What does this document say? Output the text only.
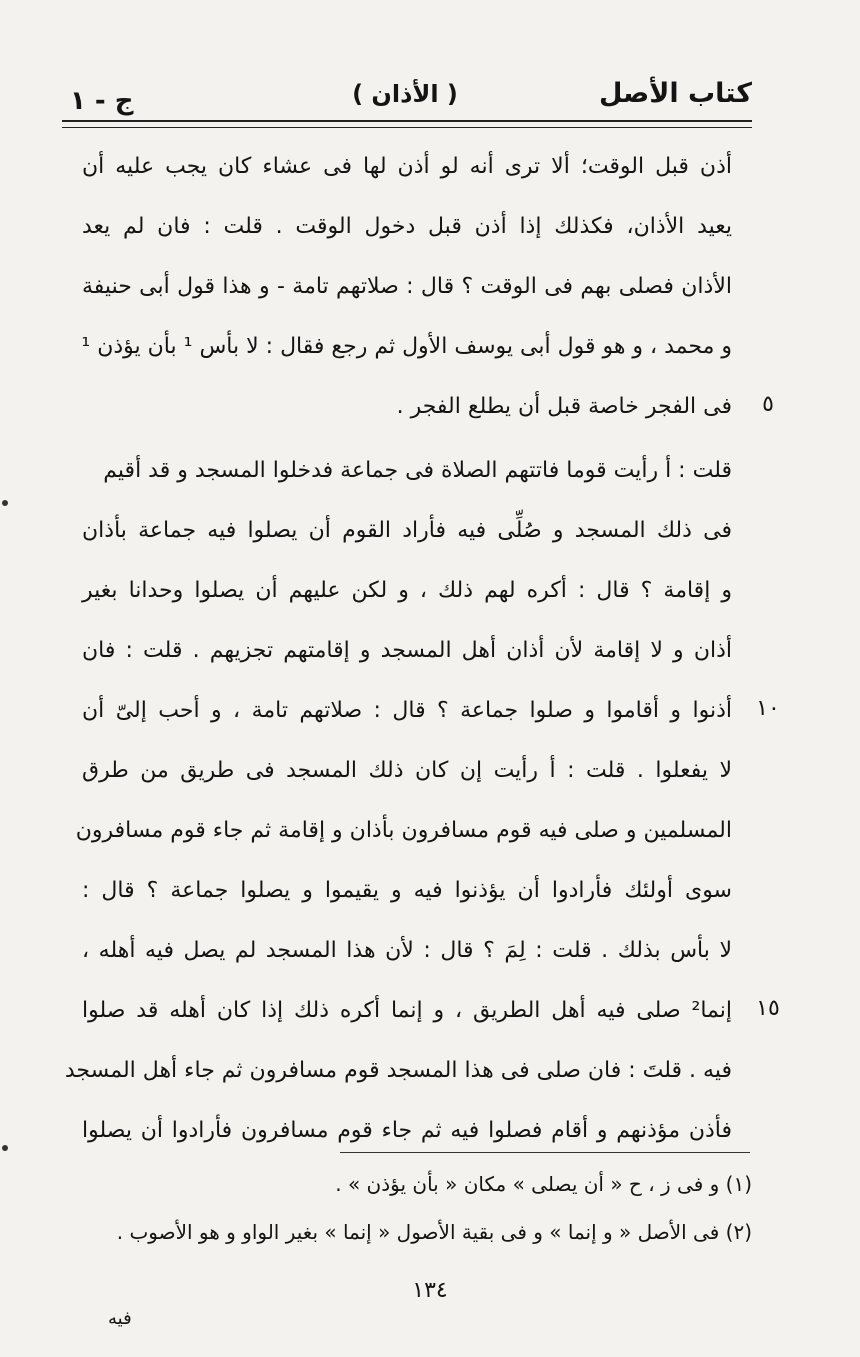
كتاب الأصل
( الأذان )
ج - ١
أذن قبل الوقت؛ ألا ترى أنه لو أذن لها فى عشاء كان يجب عليه أن
يعيد الأذان، فكذلك إذا أذن قبل دخول الوقت . قلت : فان لم يعد
الأذان فصلى بهم فى الوقت ؟ قال : صلاتهم تامة - و هذا قول أبى حنيفة
و محمد ، و هو قول أبى يوسف الأول ثم رجع فقال : لا بأس ¹ بأن يؤذن ¹
فى الفجر خاصة قبل أن يطلع الفجر .	٥
قلت : أ رأيت قوما فاتتهم الصلاة فى جماعة فدخلوا المسجد و قد أقيم
فى ذلك المسجد و صُلِّى فيه فأراد القوم أن يصلوا فيه جماعة بأذان
و إقامة ؟ قال : أكره لهم ذلك ، و لكن عليهم أن يصلوا وحدانا بغير
أذان و لا إقامة لأن أذان أهل المسجد و إقامتهم تجزيهم . قلت : فان
أذنوا و أقاموا و صلوا جماعة ؟ قال : صلاتهم تامة ، و أحب إلىّ أن	١٠
لا يفعلوا . قلت : أ رأيت إن كان ذلك المسجد فى طريق من طرق
المسلمين و صلى فيه قوم مسافرون بأذان و إقامة ثم جاء قوم مسافرون
سوى أولئك فأرادوا أن يؤذنوا فيه و يقيموا و يصلوا جماعة ؟ قال :
لا بأس بذلك . قلت : لِمَ ؟ قال : لأن هذا المسجد لم يصل فيه أهله ،
إنما² صلى فيه أهل الطريق ، و إنما أكره ذلك إذا كان أهله قد صلوا	١٥
فيه . قلتَ : فان صلى فى هذا المسجد قوم مسافرون ثم جاء أهل المسجد
فأذن مؤذنهم و أقام فصلوا فيه ثم جاء قوم مسافرون فأرادوا أن يصلوا
(١) و فى ز ، ح « أن يصلى » مكان « بأن يؤذن » .
(٢) فى الأصل « و إنما » و فى بقية الأصول « إنما » بغير الواو و هو الأصوب .
١٣٤
فيه
